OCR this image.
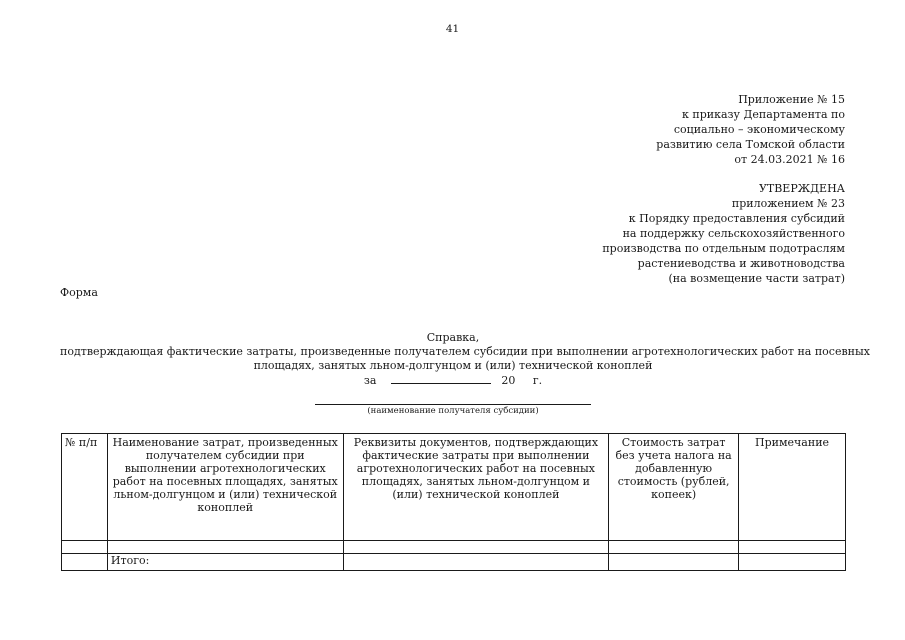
41
Приложение № 15
к приказу Департамента по
социально – экономическому
развитию села Томской области
от 24.03.2021 № 16
УТВЕРЖДЕНА
приложением № 23
к Порядку предоставления субсидий
на поддержку сельскохозяйственного
производства по отдельным подотраслям
растениеводства и животноводства
(на возмещение части затрат)
Форма
Справка,
подтверждающая фактические затраты, произведенные получателем субсидии при выполнении агротехнологических работ на посевных
площадях, занятых льном-долгунцом и (или) технической коноплей
за	20 г.
(наименование получателя субсидии)
№ п/п	Наименование затрат, произведенных получателем субсидии при выполнении агротехнологических работ на посевных площадях, занятых льном-долгунцом и (или) технической коноплей	Реквизиты документов, подтверждающих фактические затраты при выполнении агротехнологических работ на посевных площадях, занятых льном-долгунцом и (или) технической коноплей	Стоимость затрат без учета налога на добавленную стоимость (рублей, копеек)	Примечание

	Итого:			
